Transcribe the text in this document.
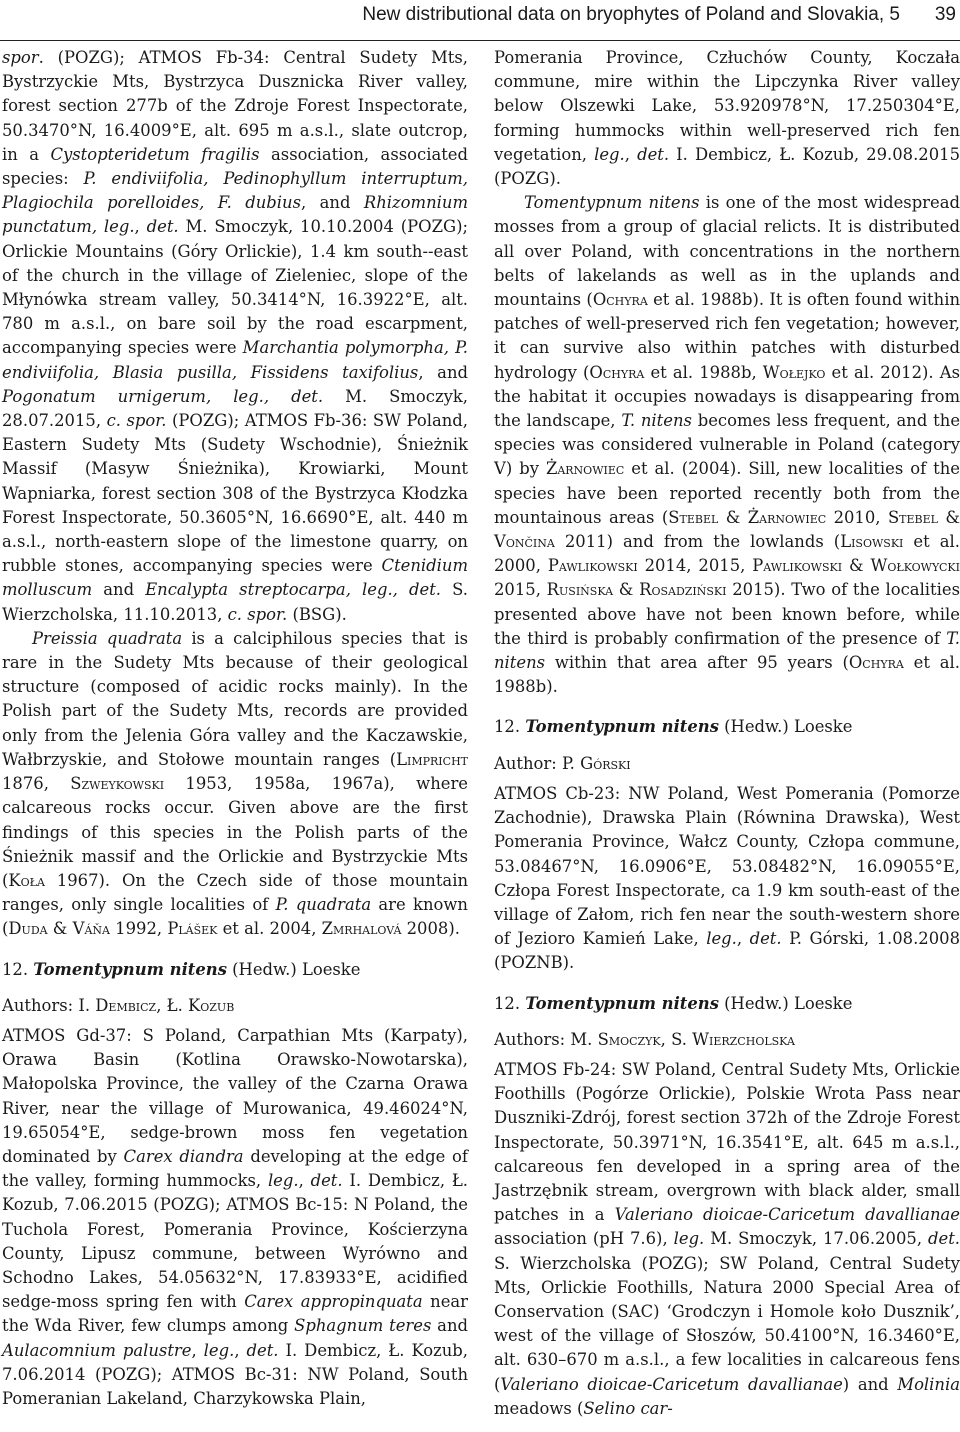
New distributional data on bryophytes of Poland and Slovakia, 5 39

spor. (POZG); ATMOS Fb-34: Central Sudety Mts, Bystrzyckie Mts, Bystrzyca Dusznicka River valley, forest section 277b of the Zdroje Forest Inspectorate, 50.3470°N, 16.4009°E, alt. 695 m a.s.l., slate outcrop, in a Cystopteridetum fragilis association, associated species: P. endiviifolia, Pedinophyllum interruptum, Plagiochila porelloides, F. dubius, and Rhizomnium punctatum, leg., det. M. Smoczyk, 10.10.2004 (POZG); Orlickie Mountains (Góry Orlickie), 1.4 km south--east of the church in the village of Zieleniec, slope of the Młynówka stream valley, 50.3414°N, 16.3922°E, alt. 780 m a.s.l., on bare soil by the road escarpment, accompanying species were Marchantia polymorpha, P. endiviifolia, Blasia pusilla, Fissidens taxifolius, and Pogonatum urnigerum, leg., det. M. Smoczyk, 28.07.2015, c. spor. (POZG); ATMOS Fb-36: SW Poland, Eastern Sudety Mts (Sudety Wschodnie), Śnieżnik Massif (Masyw Śnieżnika), Krowiarki, Mount Wapniarka, forest section 308 of the Bystrzyca Kłodzka Forest Inspectorate, 50.3605°N, 16.6690°E, alt. 440 m a.s.l., north-eastern slope of the limestone quarry, on rubble stones, accompanying species were Ctenidium molluscum and Encalypta streptocarpa, leg., det. S. Wierzcholska, 11.10.2013, c. spor. (BSG).

Preissia quadrata is a calciphilous species that is rare in the Sudety Mts because of their geological structure (composed of acidic rocks mainly). In the Polish part of the Sudety Mts, records are provided only from the Jelenia Góra valley and the Kaczawskie, Wałbrzyskie, and Stołowe mountain ranges (Limpricht 1876, Szweykowski 1953, 1958a, 1967a), where calcareous rocks occur. Given above are the first findings of this species in the Polish parts of the Śnieżnik massif and the Orlickie and Bystrzyckie Mts (Koła 1967). On the Czech side of those mountain ranges, only single localities of P. quadrata are known (Duda & Váňa 1992, Plášek et al. 2004, Zmrhalová 2008).

12. Tomentypnum nitens (Hedw.) Loeske

Authors: I. Dembicz, Ł. Kozub

ATMOS Gd-37: S Poland, Carpathian Mts (Karpaty), Orawa Basin (Kotlina Orawsko-Nowotarska), Małopolska Province, the valley of the Czarna Orawa River, near the village of Murowanica, 49.46024°N, 19.65054°E, sedge-brown moss fen vegetation dominated by Carex diandra developing at the edge of the valley, forming hummocks, leg., det. I. Dembicz, Ł. Kozub, 7.06.2015 (POZG); ATMOS Bc-15: N Poland, the Tuchola Forest, Pomerania Province, Kościerzyna County, Lipusz commune, between Wyrówno and Schodno Lakes, 54.05632°N, 17.83933°E, acidified sedge-moss spring fen with Carex appropinquata near the Wda River, few clumps among Sphagnum teres and Aulacomnium palustre, leg., det. I. Dembicz, Ł. Kozub, 7.06.2014 (POZG); ATMOS Bc-31: NW Poland, South Pomeranian Lakeland, Charzykowska Plain,

Pomerania Province, Człuchów County, Koczała commune, mire within the Lipczynka River valley below Olszewki Lake, 53.920978°N, 17.250304°E, forming hummocks within well-preserved rich fen vegetation, leg., det. I. Dembicz, Ł. Kozub, 29.08.2015 (POZG).

Tomentypnum nitens is one of the most widespread mosses from a group of glacial relicts. It is distributed all over Poland, with concentrations in the northern belts of lakelands as well as in the uplands and mountains (Ochyra et al. 1988b). It is often found within patches of well-preserved rich fen vegetation; however, it can survive also within patches with disturbed hydrology (Ochyra et al. 1988b, Wołejko et al. 2012). As the habitat it occupies nowadays is disappearing from the landscape, T. nitens becomes less frequent, and the species was considered vulnerable in Poland (category V) by Żarnowiec et al. (2004). Sill, new localities of the species have been reported recently both from the mountainous areas (Stebel & Żarnowiec 2010, Stebel & Vončina 2011) and from the lowlands (Lisowski et al. 2000, Pawlikowski 2014, 2015, Pawlikowski & Wołkowycki 2015, Rusińska & Rosadziński 2015). Two of the localities presented above have not been known before, while the third is probably confirmation of the presence of T. nitens within that area after 95 years (Ochyra et al. 1988b).

12. Tomentypnum nitens (Hedw.) Loeske

Author: P. Górski

ATMOS Cb-23: NW Poland, West Pomerania (Pomorze Zachodnie), Drawska Plain (Równina Drawska), West Pomerania Province, Wałcz County, Człopa commune, 53.08467°N, 16.0906°E, 53.08482°N, 16.09055°E, Człopa Forest Inspectorate, ca 1.9 km south-east of the village of Załom, rich fen near the south-western shore of Jezioro Kamień Lake, leg., det. P. Górski, 1.08.2008 (POZNB).

12. Tomentypnum nitens (Hedw.) Loeske

Authors: M. Smoczyk, S. Wierzcholska

ATMOS Fb-24: SW Poland, Central Sudety Mts, Orlickie Foothills (Pogórze Orlickie), Polskie Wrota Pass near Duszniki-Zdrój, forest section 372h of the Zdroje Forest Inspectorate, 50.3971°N, 16.3541°E, alt. 645 m a.s.l., calcareous fen developed in a spring area of the Jastrzębnik stream, overgrown with black alder, small patches in a Valeriano dioicae-Caricetum davallianae association (pH 7.6), leg. M. Smoczyk, 17.06.2005, det. S. Wierzcholska (POZG); SW Poland, Central Sudety Mts, Orlickie Foothills, Natura 2000 Special Area of Conservation (SAC) ‘Grodczyn i Homole koło Dusznik’, west of the village of Słoszów, 50.4100°N, 16.3460°E, alt. 630–670 m a.s.l., a few localities in calcareous fens (Valeriano dioicae-Caricetum davallianae) and Molinia meadows (Selino car-
